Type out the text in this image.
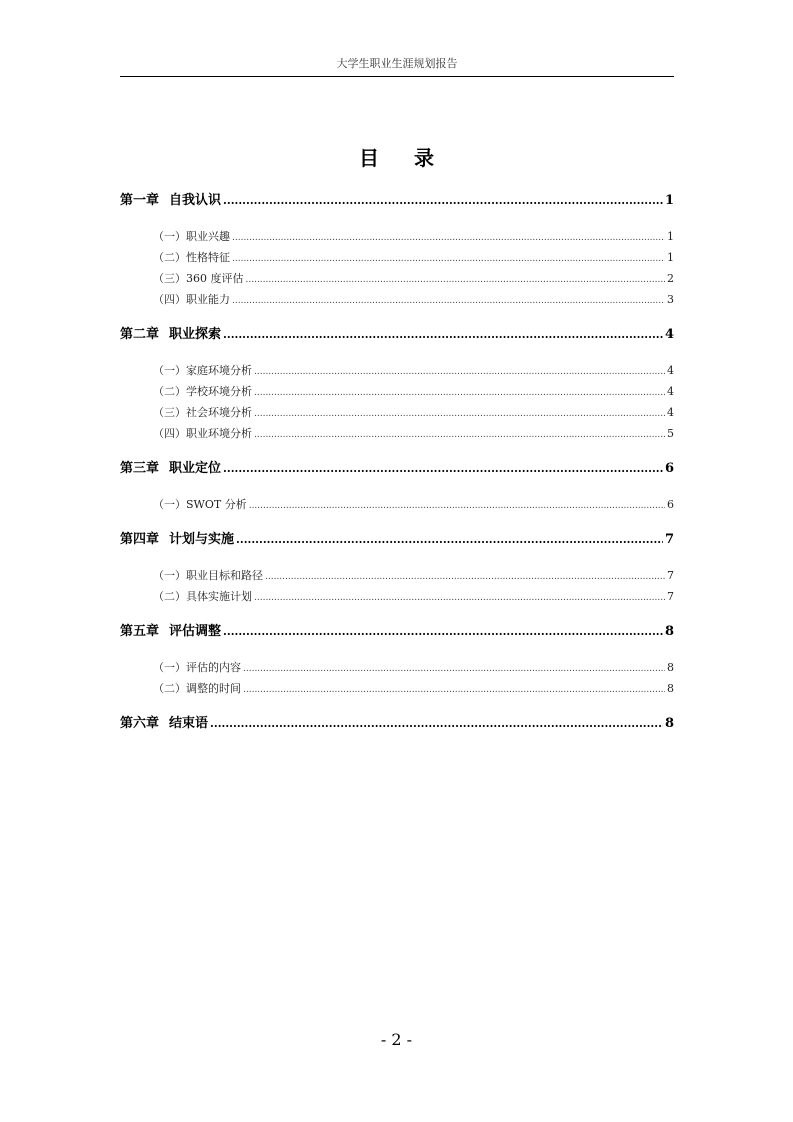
大学生职业生涯规划报告
目 录
第一章 自我认识 .....	1
（一）职业兴趣 .....	1
（二）性格特征 .....	1
（三）360 度评估 .....	2
（四）职业能力 .....	3
第二章 职业探索 .....	4
（一）家庭环境分析 .....	4
（二）学校环境分析 .....	4
（三）社会环境分析 .....	4
（四）职业环境分析 .....	5
第三章 职业定位 .....	6
（一）SWOT 分析 .....	6
第四章 计划与实施 .....	7
（一）职业目标和路径 .....	7
（二）具体实施计划 .....	7
第五章 评估调整 .....	8
（一）评估的内容 .....	8
（二）调整的时间 .....	8
第六章 结束语 .....	8
- 2 -
